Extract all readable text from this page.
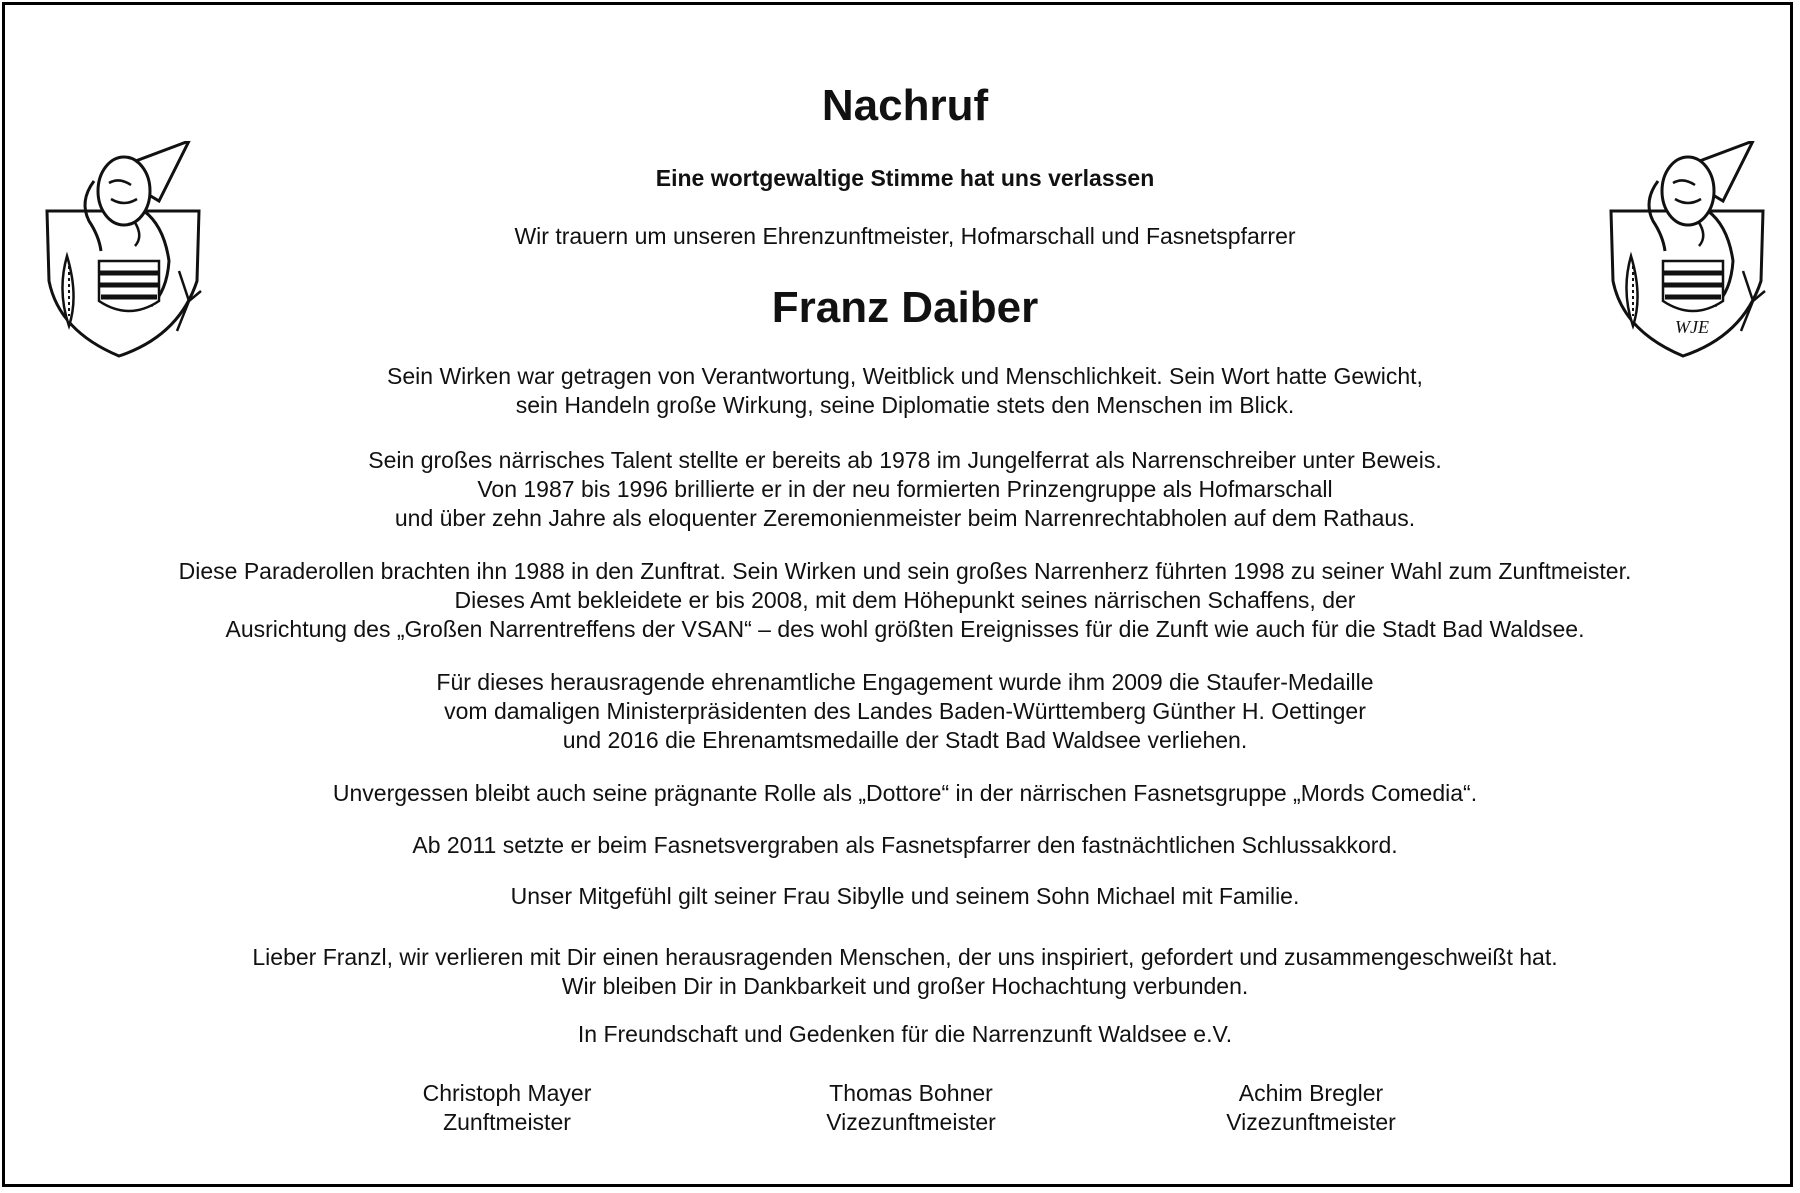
WJE
Nachruf
Eine wortgewaltige Stimme hat uns verlassen
Wir trauern um unseren Ehrenzunftmeister, Hofmarschall und Fasnetspfarrer
Franz Daiber
Sein Wirken war getragen von Verantwortung, Weitblick und Menschlichkeit. Sein Wort hatte Gewicht,
sein Handeln große Wirkung, seine Diplomatie stets den Menschen im Blick.
Sein großes närrisches Talent stellte er bereits ab 1978 im Jungelferrat als Narrenschreiber unter Beweis.
Von 1987 bis 1996 brillierte er in der neu formierten Prinzengruppe als Hofmarschall
und über zehn Jahre als eloquenter Zeremonienmeister beim Narrenrechtabholen auf dem Rathaus.
Diese Paraderollen brachten ihn 1988 in den Zunftrat. Sein Wirken und sein großes Narrenherz führten 1998 zu seiner Wahl zum Zunftmeister.
Dieses Amt bekleidete er bis 2008, mit dem Höhepunkt seines närrischen Schaffens, der
Ausrichtung des „Großen Narrentreffens der VSAN“ – des wohl größten Ereignisses für die Zunft wie auch für die Stadt Bad Waldsee.
Für dieses herausragende ehrenamtliche Engagement wurde ihm 2009 die Staufer-Medaille
vom damaligen Ministerpräsidenten des Landes Baden-Württemberg Günther H. Oettinger
und 2016 die Ehrenamtsmedaille der Stadt Bad Waldsee verliehen.
Unvergessen bleibt auch seine prägnante Rolle als „Dottore“ in der närrischen Fasnetsgruppe „Mords Comedia“.
Ab 2011 setzte er beim Fasnetsvergraben als Fasnetspfarrer den fastnächtlichen Schlussakkord.
Unser Mitgefühl gilt seiner Frau Sibylle und seinem Sohn Michael mit Familie.
Lieber Franzl, wir verlieren mit Dir einen herausragenden Menschen, der uns inspiriert, gefordert und zusammengeschweißt hat.
Wir bleiben Dir in Dankbarkeit und großer Hochachtung verbunden.
In Freundschaft und Gedenken für die Narrenzunft Waldsee e.V.
Christoph Mayer
Zunftmeister
Thomas Bohner
Vizezunftmeister
Achim Bregler
Vizezunftmeister
